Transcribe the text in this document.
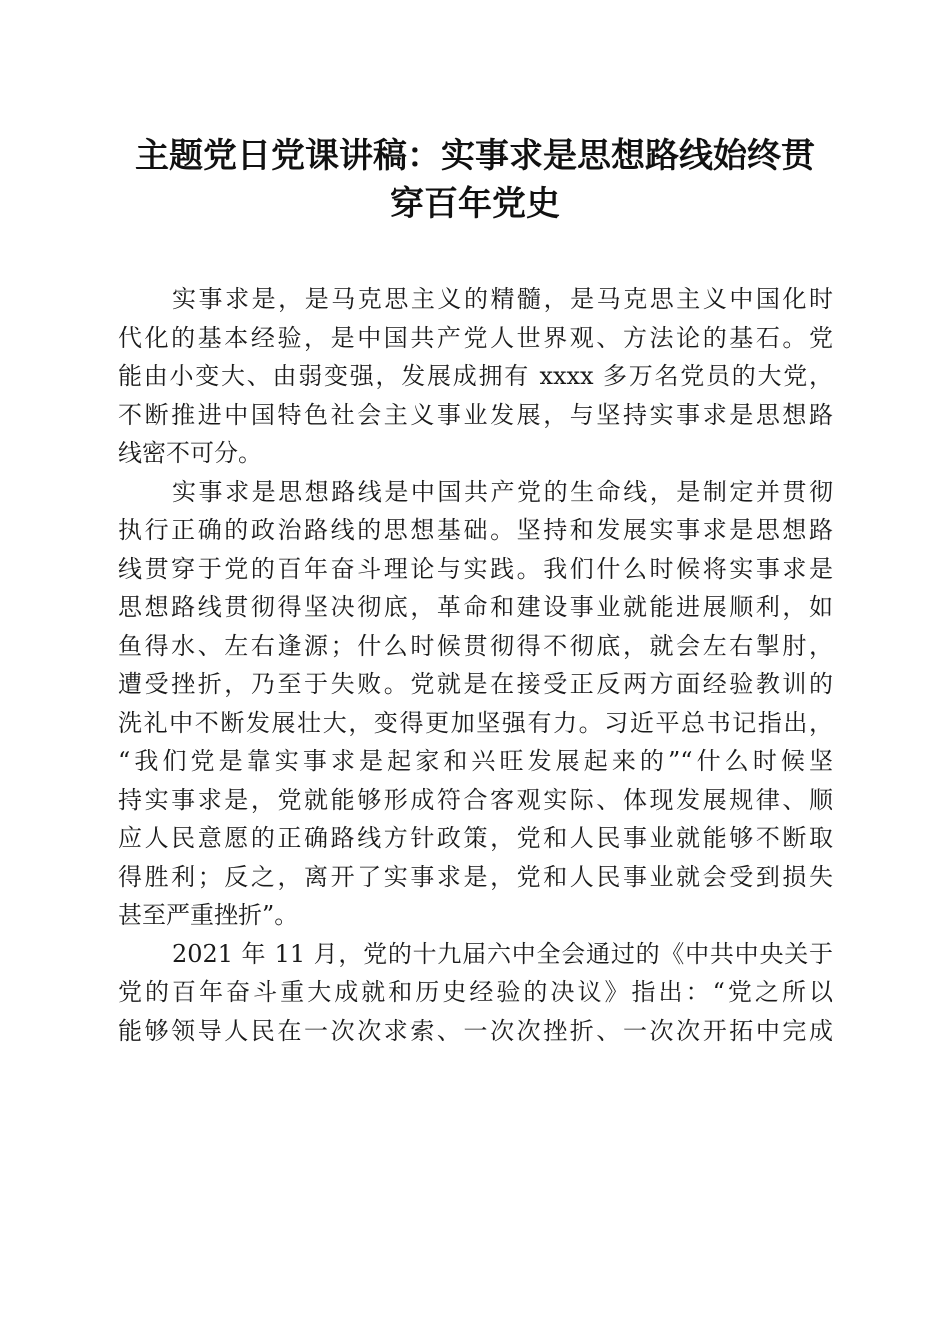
主题党日党课讲稿：实事求是思想路线始终贯
穿百年党史

实事求是，是马克思主义的精髓，是马克思主义中国化时
代化的基本经验，是中国共产党人世界观、方法论的基石。党
能由小变大、由弱变强，发展成拥有 xxxx 多万名党员的大党，
不断推进中国特色社会主义事业发展，与坚持实事求是思想路
线密不可分。

实事求是思想路线是中国共产党的生命线，是制定并贯彻
执行正确的政治路线的思想基础。坚持和发展实事求是思想路
线贯穿于党的百年奋斗理论与实践。我们什么时候将实事求是
思想路线贯彻得坚决彻底，革命和建设事业就能进展顺利，如
鱼得水、左右逢源；什么时候贯彻得不彻底，就会左右掣肘，
遭受挫折，乃至于失败。党就是在接受正反两方面经验教训的
洗礼中不断发展壮大，变得更加坚强有力。习近平总书记指出，
“我们党是靠实事求是起家和兴旺发展起来的”“什么时候坚
持实事求是，党就能够形成符合客观实际、体现发展规律、顺
应人民意愿的正确路线方针政策，党和人民事业就能够不断取
得胜利；反之，离开了实事求是，党和人民事业就会受到损失
甚至严重挫折”。

2021 年 11 月，党的十九届六中全会通过的《中共中央关于
党的百年奋斗重大成就和历史经验的决议》指出：“党之所以
能够领导人民在一次次求索、一次次挫折、一次次开拓中完成
